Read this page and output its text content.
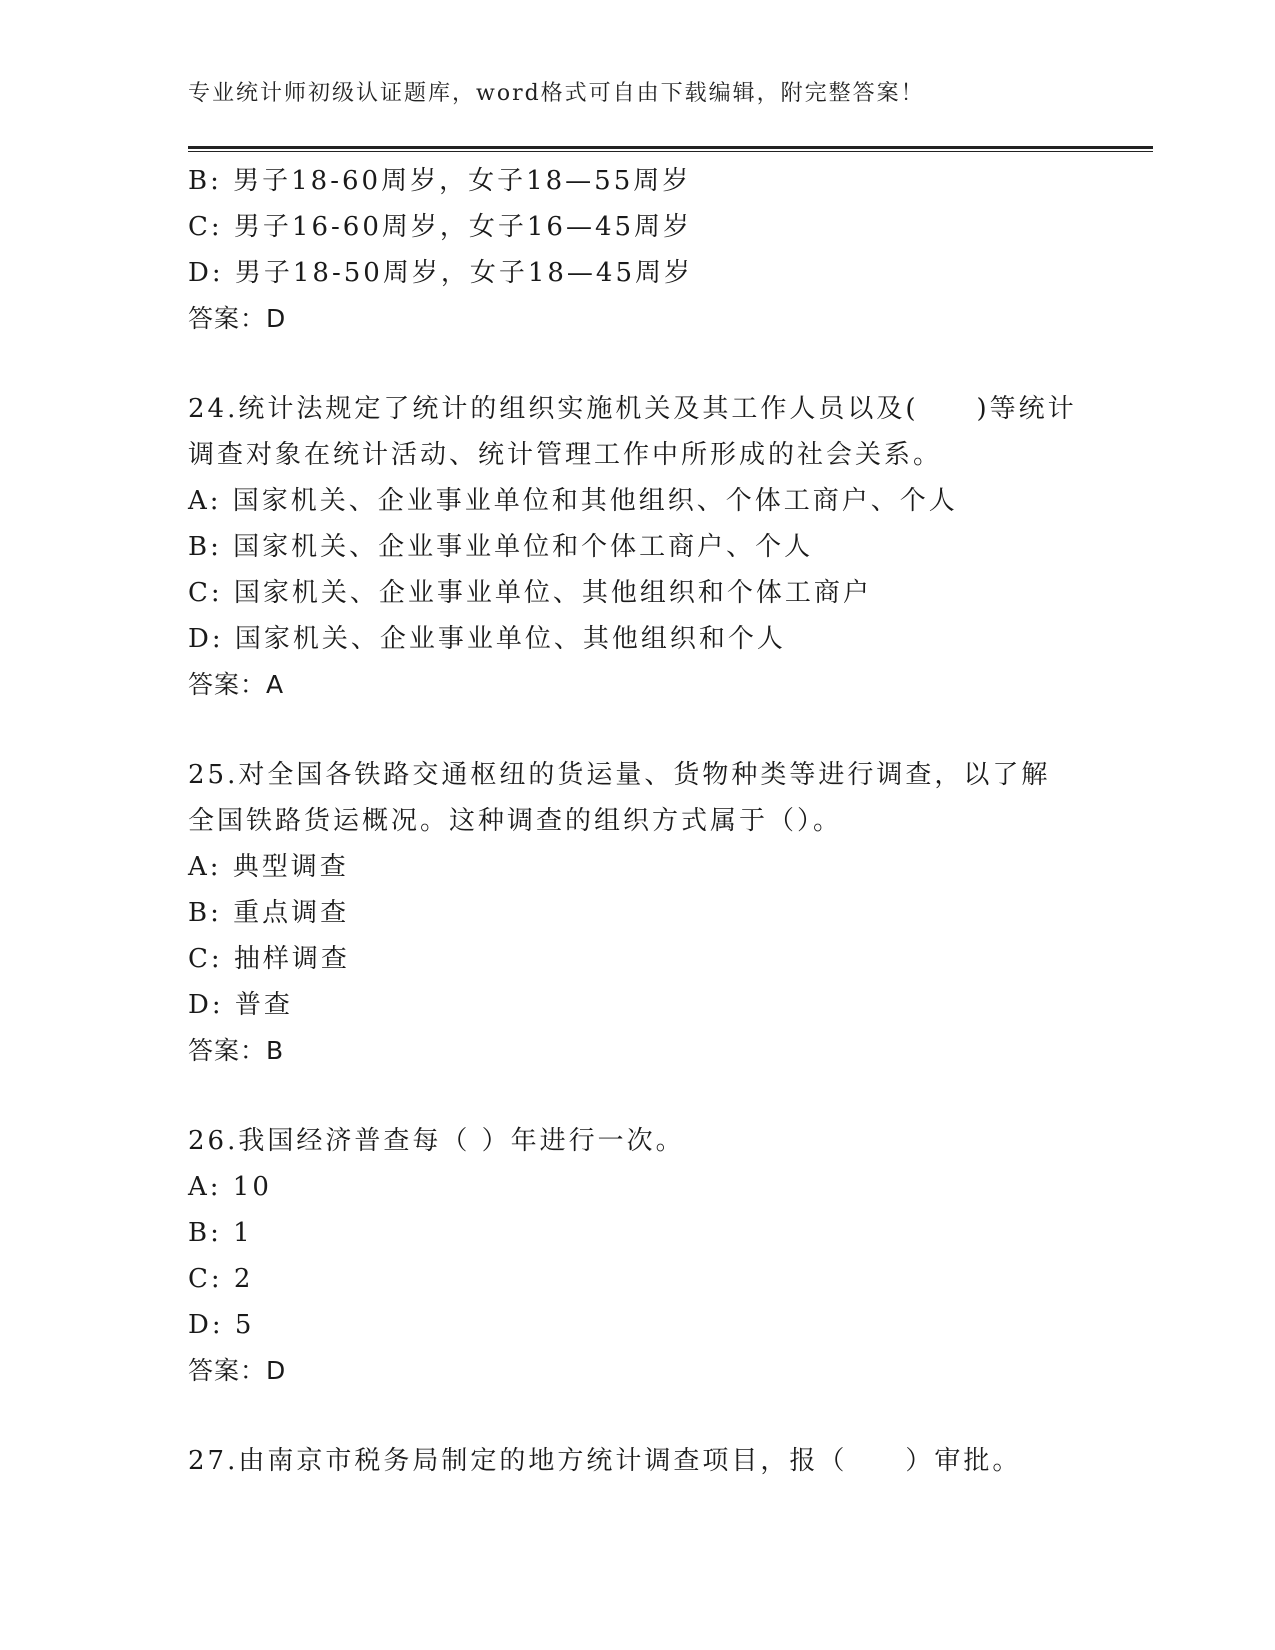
专业统计师初级认证题库，word格式可自由下载编辑，附完整答案！
B: 男子18-60周岁，女子18—55周岁
C: 男子16-60周岁，女子16—45周岁
D: 男子18-50周岁，女子18—45周岁
答案：D
24.统计法规定了统计的组织实施机关及其工作人员以及(　　)等统计调查对象在统计活动、统计管理工作中所形成的社会关系。
A: 国家机关、企业事业单位和其他组织、个体工商户、个人
B: 国家机关、企业事业单位和个体工商户、个人
C: 国家机关、企业事业单位、其他组织和个体工商户
D: 国家机关、企业事业单位、其他组织和个人
答案：A
25.对全国各铁路交通枢纽的货运量、货物种类等进行调查，以了解全国铁路货运概况。这种调查的组织方式属于（）。
A: 典型调查
B: 重点调查
C: 抽样调查
D: 普查
答案：B
26.我国经济普查每（ ）年进行一次。
A: 10
B: 1
C: 2
D: 5
答案：D
27.由南京市税务局制定的地方统计调查项目，报（　　）审批。
